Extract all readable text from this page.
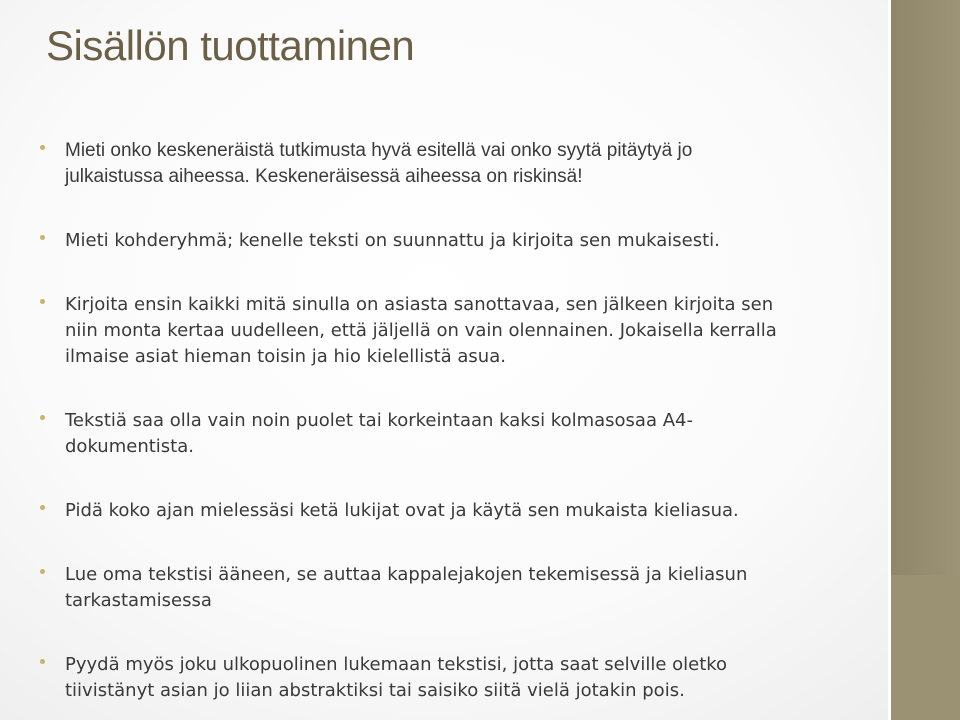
Sisällön tuottaminen
Mieti onko keskeneräistä tutkimusta hyvä esitellä vai onko syytä pitäytyä jo
julkaistussa aiheessa. Keskeneräisessä aiheessa on riskinsä!
Mieti kohderyhmä; kenelle teksti on suunnattu ja kirjoita sen mukaisesti.
Kirjoita ensin kaikki mitä sinulla on asiasta sanottavaa, sen jälkeen kirjoita sen
niin monta kertaa uudelleen, että jäljellä on vain olennainen. Jokaisella kerralla
ilmaise asiat hieman toisin ja hio kielellistä asua.
Tekstiä saa olla vain noin puolet tai korkeintaan kaksi kolmasosaa A4-
dokumentista.
Pidä koko ajan mielessäsi ketä lukijat ovat ja käytä sen mukaista kieliasua.
Lue oma tekstisi ääneen, se auttaa kappalejakojen tekemisessä ja kieliasun
tarkastamisessa
Pyydä myös joku ulkopuolinen lukemaan tekstisi, jotta saat selville oletko
tiivistänyt asian jo liian abstraktiksi tai saisiko siitä vielä jotakin pois.
